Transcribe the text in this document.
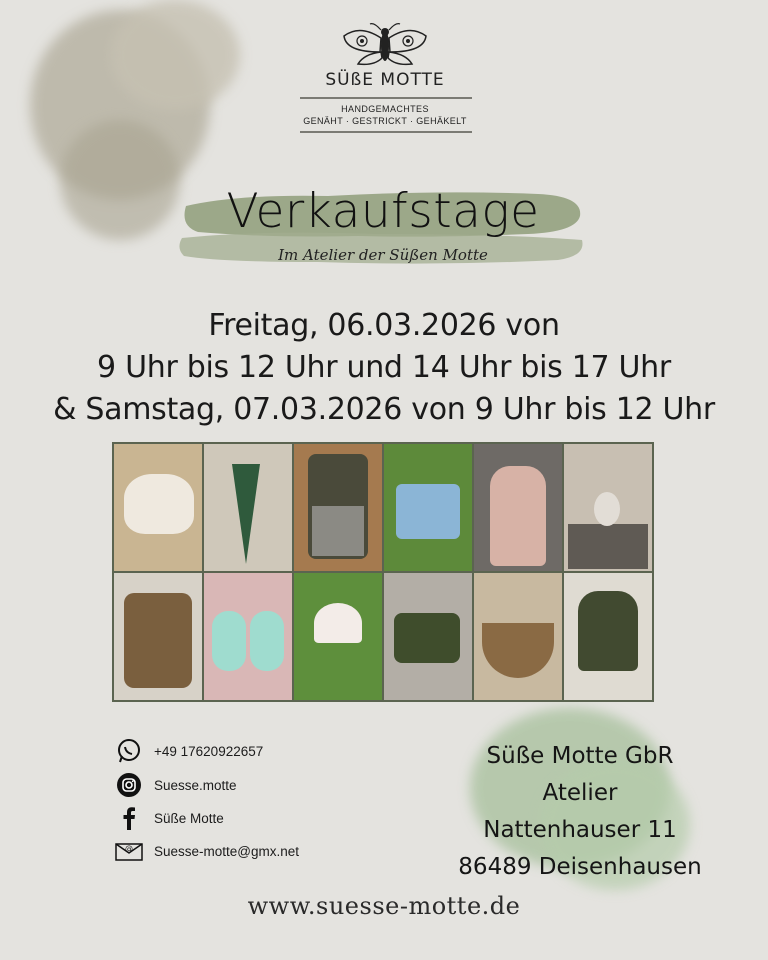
SÜßE MOTTE
HANDGEMACHTES
GENÄHT · GESTRICKT · GEHÄKELT
Verkaufstage
Im Atelier der Süßen Motte
Freitag, 06.03.2026 von
9 Uhr bis 12 Uhr und 14 Uhr bis 17 Uhr
& Samstag, 07.03.2026 von 9 Uhr bis 12 Uhr
+49 17620922657
Suesse.motte
Süße Motte
@ Suesse-motte@gmx.net
Süße Motte GbR
Atelier
Nattenhauser 11
86489 Deisenhausen
www.suesse-motte.de
